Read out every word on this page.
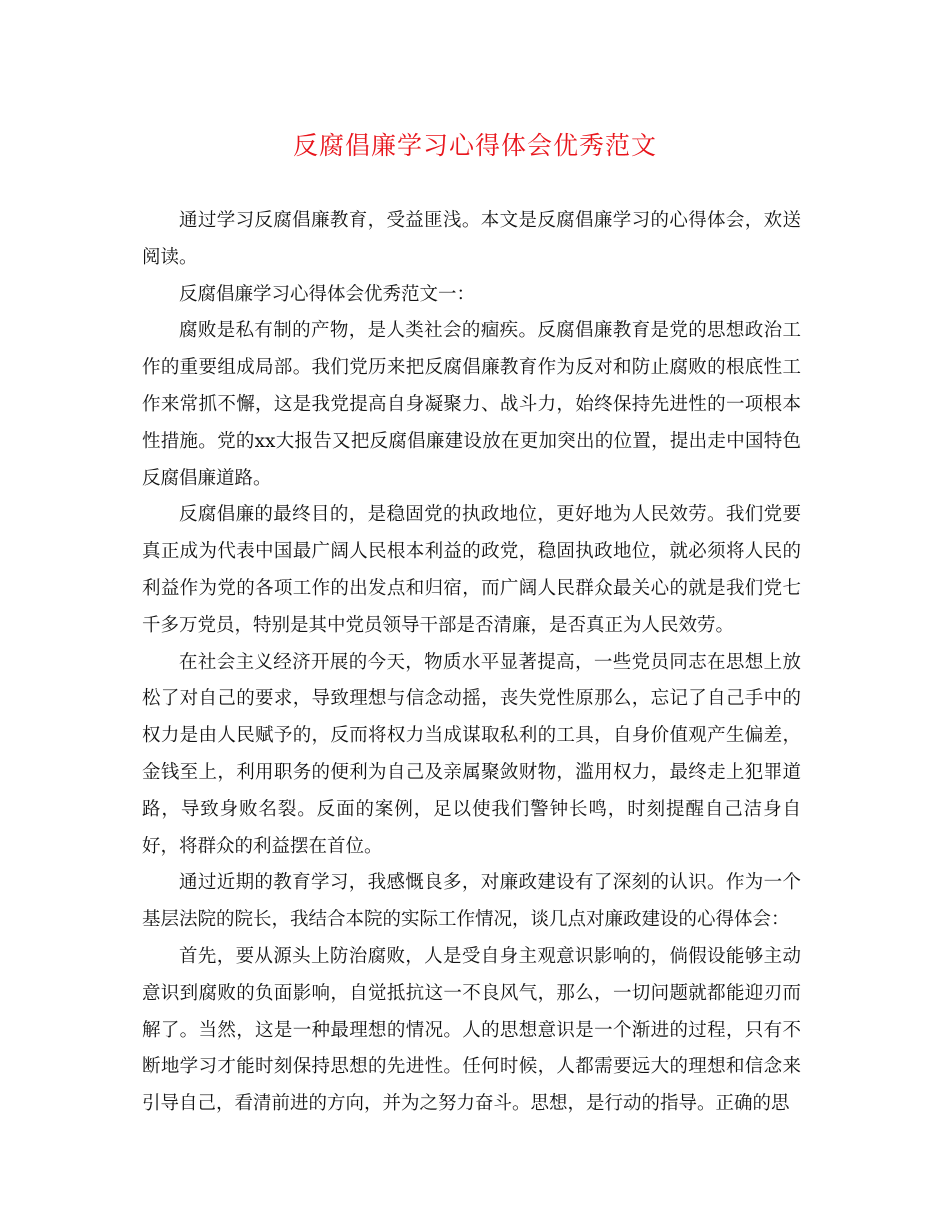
反腐倡廉学习心得体会优秀范文

通过学习反腐倡廉教育，受益匪浅。本文是反腐倡廉学习的心得体会，欢送阅读。

反腐倡廉学习心得体会优秀范文一：

腐败是私有制的产物，是人类社会的痼疾。反腐倡廉教育是党的思想政治工作的重要组成局部。我们党历来把反腐倡廉教育作为反对和防止腐败的根底性工作来常抓不懈，这是我党提高自身凝聚力、战斗力，始终保持先进性的一项根本性措施。党的xx大报告又把反腐倡廉建设放在更加突出的位置，提出走中国特色反腐倡廉道路。

反腐倡廉的最终目的，是稳固党的执政地位，更好地为人民效劳。我们党要真正成为代表中国最广阔人民根本利益的政党，稳固执政地位，就必须将人民的利益作为党的各项工作的出发点和归宿，而广阔人民群众最关心的就是我们党七千多万党员，特别是其中党员领导干部是否清廉，是否真正为人民效劳。

在社会主义经济开展的今天，物质水平显著提高，一些党员同志在思想上放松了对自己的要求，导致理想与信念动摇，丧失党性原那么，忘记了自己手中的权力是由人民赋予的，反而将权力当成谋取私利的工具，自身价值观产生偏差，金钱至上，利用职务的便利为自己及亲属聚敛财物，滥用权力，最终走上犯罪道路，导致身败名裂。反面的案例，足以使我们警钟长鸣，时刻提醒自己洁身自好，将群众的利益摆在首位。

通过近期的教育学习，我感慨良多，对廉政建设有了深刻的认识。作为一个基层法院的院长，我结合本院的实际工作情况，谈几点对廉政建设的心得体会：

首先，要从源头上防治腐败，人是受自身主观意识影响的，倘假设能够主动意识到腐败的负面影响，自觉抵抗这一不良风气，那么，一切问题就都能迎刃而解了。当然，这是一种最理想的情况。人的思想意识是一个渐进的过程，只有不断地学习才能时刻保持思想的先进性。任何时候，人都需要远大的理想和信念来引导自己，看清前进的方向，并为之努力奋斗。思想，是行动的指导。正确的思
